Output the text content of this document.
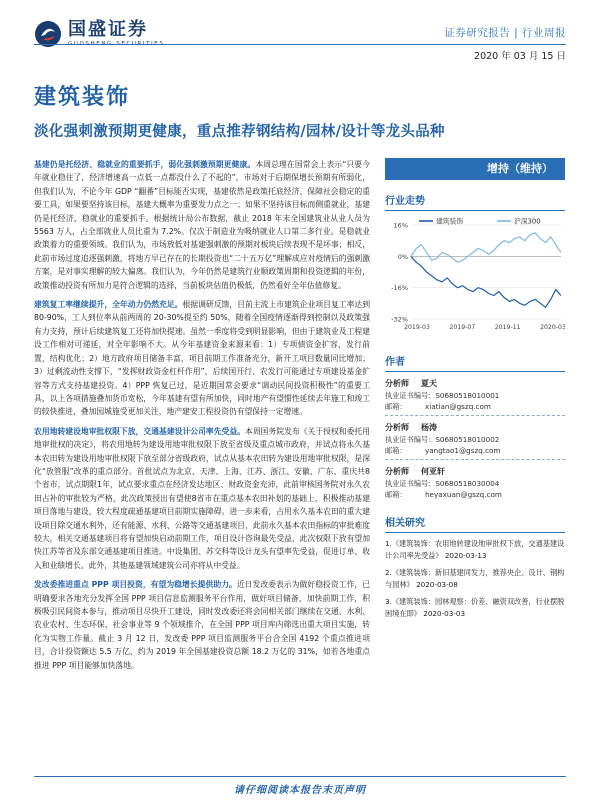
国盛证券	证券研究报告 | 行业周报
2020 年 03 月 15 日
建筑装饰
淡化强刺激预期更健康，重点推荐钢结构/园林/设计等龙头品种

基建仍是托经济、稳就业的重要抓手，弱化强刺激预期更健康。本周总理在国常会上表示“只要今年就业稳住了，经济增速高一点低一点都没什么了不起的”，市场对于后期保增长预期有所弱化，但我们认为，不论今年 GDP “翻番”目标能否实现，基建依然是政策托底经济、保障社会稳定的重要工具，如果要坚持该目标，基建大概率为重要发力点之一；如果不坚持该目标而侧重就业，基建仍是托经济、稳就业的重要抓手。根据统计局公布数据，截止 2018 年末全国建筑业从业人员为 5563 万人，占全部就业人员比重为 7.2%。仅次于制造业为吸纳就业人口第二多行业，是稳就业政策着力的重要领域。我们认为，市场放低对基建强刺激的预期对板块后续表现不是坏事；相反，此前市场过度追逐强刺激，将地方早已存在的长期投资也“二十五万亿”理解成应对疫情后的强刺激方案，是对事实理解的较大偏离。我们认为，今年仍然是建筑行业顺政策周期和投资逻辑的年份，政策推动投资有所加力是符合逻辑的选择，当前板块估值仍极低，仍然看好全年估值修复。

建筑复工率继续提升，全年动力仍然充足。根据调研反馈，目前主流上市建筑企业项目复工率达到 80-90%，工人到位率从前两周的 20-30%提至约 50%，随着全国疫情逐渐得到控制以及政策强有力支持，预计后续建筑复工还将加快提速。虽然一季度将受到明显影响，但由于建筑业及工程建设工作相对可递延，对全年影响不大。从今年基建资金来源来看：1）专项债资金扩容，发行前置，结构优化；2）地方政府项目储备丰富，项目前期工作准备充分，新开工项目数量同比增加；3）过剩流动性支撑下，“发挥财政资金杠杆作用”，后续国开行、农发行可能通过专项建设基金扩容等方式支持基建投资。4）PPP 恢复已过，是近期国常会要求“调动民间投资积极性”的重要工具，以上各项措施叠加货币宽松，今年基建有望有所加快，同时地产有望惯性延续去年施工和竣工的较快推进，叠加园城施受更加关注，地产建安工程投资仍有望保持一定增速。

农用地转建设地审批权限下放，交通基建设计公司率先受益。本周国务院发布《关于授权和委托用地审批权的决定》，将农用地转为建设用地审批权限下放至省级及重点城市政府，并试点将永久基本农田转为建设用地审批权限下放至部分省级政府，试点从基本农田转为建设用地审批权限，是深化“放管服”改革的重点部分。首批试点为北京、天津、上海、江苏、浙江、安徽、广东、重庆共8个省市，试点期限1年，试点要求重点在经济发达地区、财政资金充沛，此前审核国务院对永久农田占补的审批较为严格，此次政策授出有望使8省市在重点基本农田补划的基础上，积极推动基建项目落地与建设，较大程度疏通基建项目前期实施障碍。进一步来看，占用永久基本农田的重大建设项目除交通水利外，还有能源、水利、公路等交通基建项目，此前永久基本农田指标的审批难度较大，相关交通基建项目将有望加快启动前期工作，项目设计咨询最先受益，此次权限下放有望加快江苏等省及东部交通基建项目推进。中设集团、苏交科等设计龙头有望率先受益，促进订单、收入和业绩增长。此外，其他基建领域建筑公司亦将从中受益。

发改委推进重点 PPP 项目投资，有望为稳增长提供助力。近日发改委表示为做好稳投资工作，已明确要求各地充分发挥全国 PPP 项目信息监测服务平台作用，做好项目储备，加快前期工作，积极吸引民间资本参与，推动项目尽快开工建设，同时发改委还将会同相关部门继续在交通、水利、农业农村、生态环保、社会事业等 9 个领域推介，在全国 PPP 项目库内筛选出重大项目实施，转化为实物工作量。截止 3 月 12 日，发改委 PPP 项目监测服务平台合全国 4192 个重点推进项目，合计投资额达 5.5 万亿，约为 2019 年全国基建投资总额 18.2 万亿的 31%，如若各地重点推进 PPP 项目能够加快落地。

增持（维持）
行业走势
16%
0%
-16%
-32%
2019-03	2019-07	2019-11	2020-03
建筑装饰	沪深300
作者
分析师 夏天
执业证书编号：S0680518010001
邮箱：	xiatian@gszq.com
分析师 杨涛
执业证书编号：S0680518010002
邮箱：	yangtao1@gszq.com
分析师 何亚轩
执业证书编号：S0680518030004
邮箱：	heyaxuan@gszq.com
相关研究
1.《建筑装饰：农用地转建设地审批权下放，交通基建设计公司率先受益》 2020-03-13
2.《建筑装饰：新旧基建同发力，推荐央企、设计、钢构与园林》 2020-03-08
3.《建筑装饰：园林观察：价差、融资双改善，行业摆脱困境在即》 2020-03-03
请仔细阅读本报告末页声明
